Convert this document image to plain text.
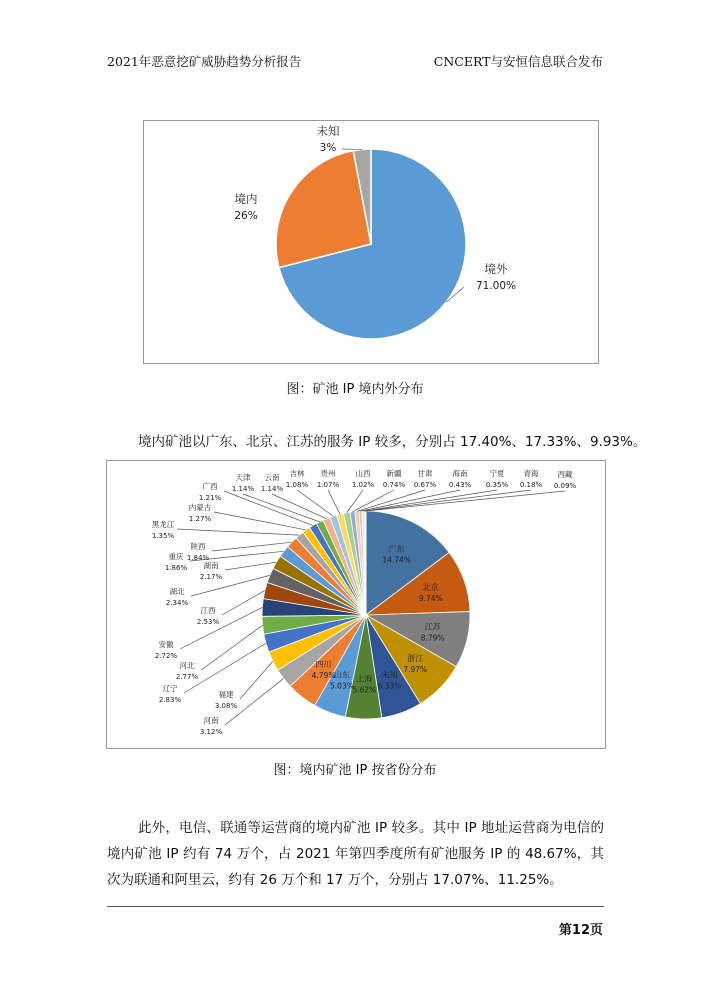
2021年恶意挖矿威胁趋势分析报告	CNCERT与安恒信息联合发布
境外
71.00%
境内
26%
未知
3%
图：矿池 IP 境内外分布
境内矿池以广东、北京、江苏的服务 IP 较多，分别占 17.40%、17.33%、9.93%。
广东
14.74%
北京
9.74%
江苏
8.79%
浙江
7.97%
未知
6.33%
上海
5.62%
山东
5.03%
四川
4.79%
河南
3.12%
福建
3.08%
辽宁
2.83%
河北
2.77%
安徽
2.72%
江西
2.53%
湖北
2.34%
湖南
2.17%
重庆
1.86%
陕西
1.84%
黑龙江
1.35%
内蒙古
1.27%
广西
1.21%
天津
1.14%
云南
1.14%
吉林
1.08%
贵州
1.07%
山西
1.02%
新疆
0.74%
甘肃
0.67%
海南
0.43%
宁夏
0.35%
青海
0.18%
西藏
0.09%
图：境内矿池 IP 按省份分布
此外，电信、联通等运营商的境内矿池 IP 较多。其中 IP 地址运营商为电信的境内矿池 IP 约有 74 万个，占 2021 年第四季度所有矿池服务 IP 的 48.67%，其次为联通和阿里云，约有 26 万个和 17 万个，分别占 17.07%、11.25%。
第12页
